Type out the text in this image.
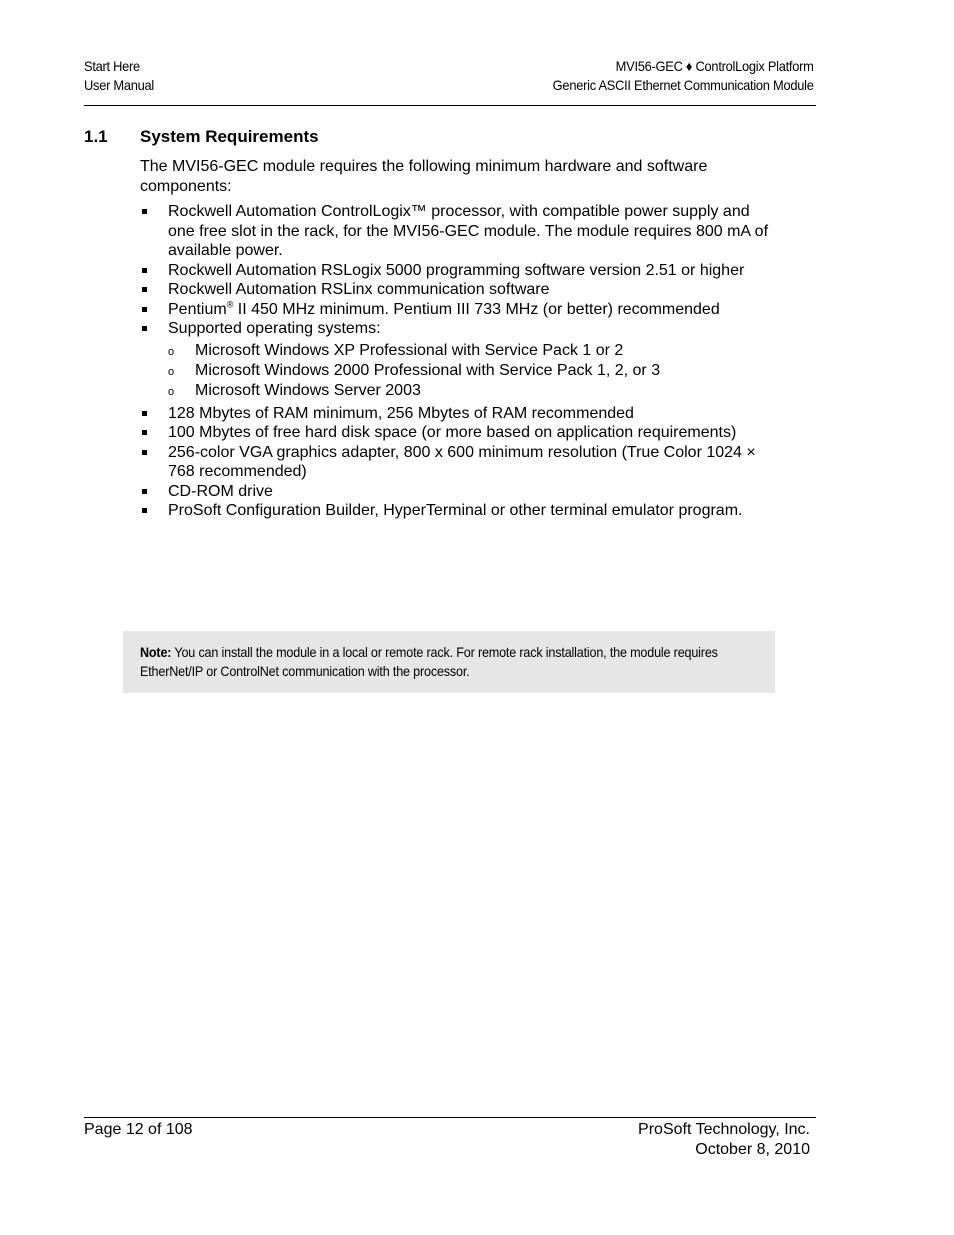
Start Here
User Manual
MVI56-GEC ♦ ControlLogix Platform
Generic ASCII Ethernet Communication Module
1.1 System Requirements

The MVI56-GEC module requires the following minimum hardware and software components:

Rockwell Automation ControlLogix™ processor, with compatible power supply and one free slot in the rack, for the MVI56-GEC module. The module requires 800 mA of available power.
Rockwell Automation RSLogix 5000 programming software version 2.51 or higher
Rockwell Automation RSLinx communication software
Pentium® II 450 MHz minimum. Pentium III 733 MHz (or better) recommended
Supported operating systems:
o Microsoft Windows XP Professional with Service Pack 1 or 2
o Microsoft Windows 2000 Professional with Service Pack 1, 2, or 3
o Microsoft Windows Server 2003
128 Mbytes of RAM minimum, 256 Mbytes of RAM recommended
100 Mbytes of free hard disk space (or more based on application requirements)
256-color VGA graphics adapter, 800 x 600 minimum resolution (True Color 1024 × 768 recommended)
CD-ROM drive
ProSoft Configuration Builder, HyperTerminal or other terminal emulator program.
Note: You can install the module in a local or remote rack. For remote rack installation, the module requires EtherNet/IP or ControlNet communication with the processor.
Page 12 of 108	ProSoft Technology, Inc.
October 8, 2010
